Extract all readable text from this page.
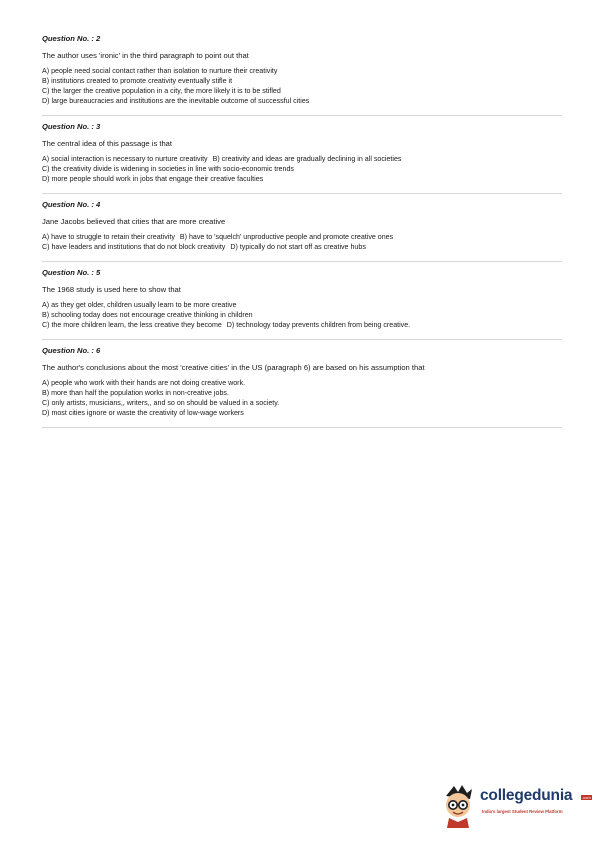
Question No. : 2
The author uses 'ironic' in the third paragraph to point out that
A) people need social contact rather than isolation to nurture their creativity
B) institutions created to promote creativity eventually stifle it
C) the larger the creative population in a city, the more likely it is to be stifled
D) large bureaucracies and institutions are the inevitable outcome of successful cities
Question No. : 3
The central idea of this passage is that
A) social interaction is necessary to nurture creativity B) creativity and ideas are gradually declining in all societies
C) the creativity divide is widening in societies in line with socio-economic trends
D) more people should work in jobs that engage their creative faculties
Question No. : 4
Jane Jacobs believed that cities that are more creative
A) have to struggle to retain their creativity B) have to 'squelch' unproductive people and promote creative ones
C) have leaders and institutions that do not block creativity D) typically do not start off as creative hubs
Question No. : 5
The 1968 study is used here to show that
A) as they get older, children usually learn to be more creative
B) schooling today does not encourage creative thinking in children
C) the more children learn, the less creative they become D) technology today prevents children from being creative.
Question No. : 6
The author's conclusions about the most 'creative cities' in the US (paragraph 6) are based on his assumption that
A) people who work with their hands are not doing creative work.
B) more than half the population works in non-creative jobs.
C) only artists, musicians,, writers,, and so on should be valued in a society.
D) most cities ignore or waste the creativity of low-wage workers
collegedunia .com
India's largest Student Review Platform
